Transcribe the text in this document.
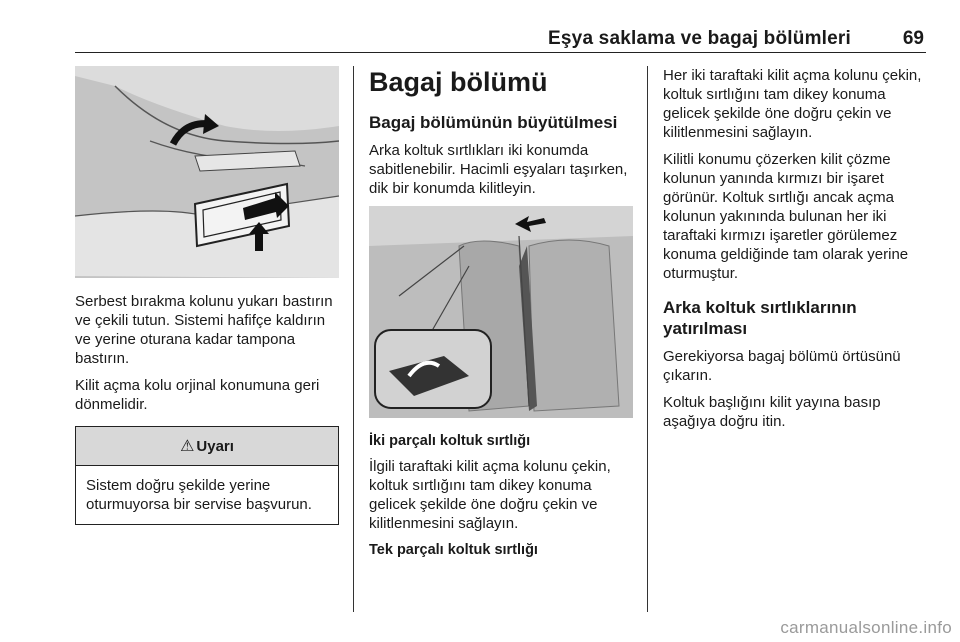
Eşya saklama ve bagaj bölümleri	69

Serbest bırakma kolunu yukarı bastırın ve çekili tutun. Sistemi hafifçe kaldırın ve yerine oturana kadar tampona bastırın.

Kilit açma kolu orjinal konumuna geri dönmelidir.

⚠ Uyarı
Sistem doğru şekilde yerine oturmuyorsa bir servise başvurun.
Bagaj bölümü
Bagaj bölümünün büyütülmesi

Arka koltuk sırtlıkları iki konumda sabitlenebilir. Hacimli eşyaları taşırken, dik bir konumda kilitleyin.

İki parçalı koltuk sırtlığı

İlgili taraftaki kilit açma kolunu çekin, koltuk sırtlığını tam dikey konuma gelicek şekilde öne doğru çekin ve kilitlenmesini sağlayın.

Tek parçalı koltuk sırtlığı

Her iki taraftaki kilit açma kolunu çekin, koltuk sırtlığını tam dikey konuma gelicek şekilde öne doğru çekin ve kilitlenmesini sağlayın.

Kilitli konumu çözerken kilit çözme kolunun yanında kırmızı bir işaret görünür. Koltuk sırtlığı ancak açma kolunun yakınında bulunan her iki taraftaki kırmızı işaretler görülemez konuma geldiğinde tam olarak yerine oturmuştur.

Arka koltuk sırtlıklarının yatırılması

Gerekiyorsa bagaj bölümü örtüsünü çıkarın.

Koltuk başlığını kilit yayına basıp aşağıya doğru itin.

carmanualsonline.info
